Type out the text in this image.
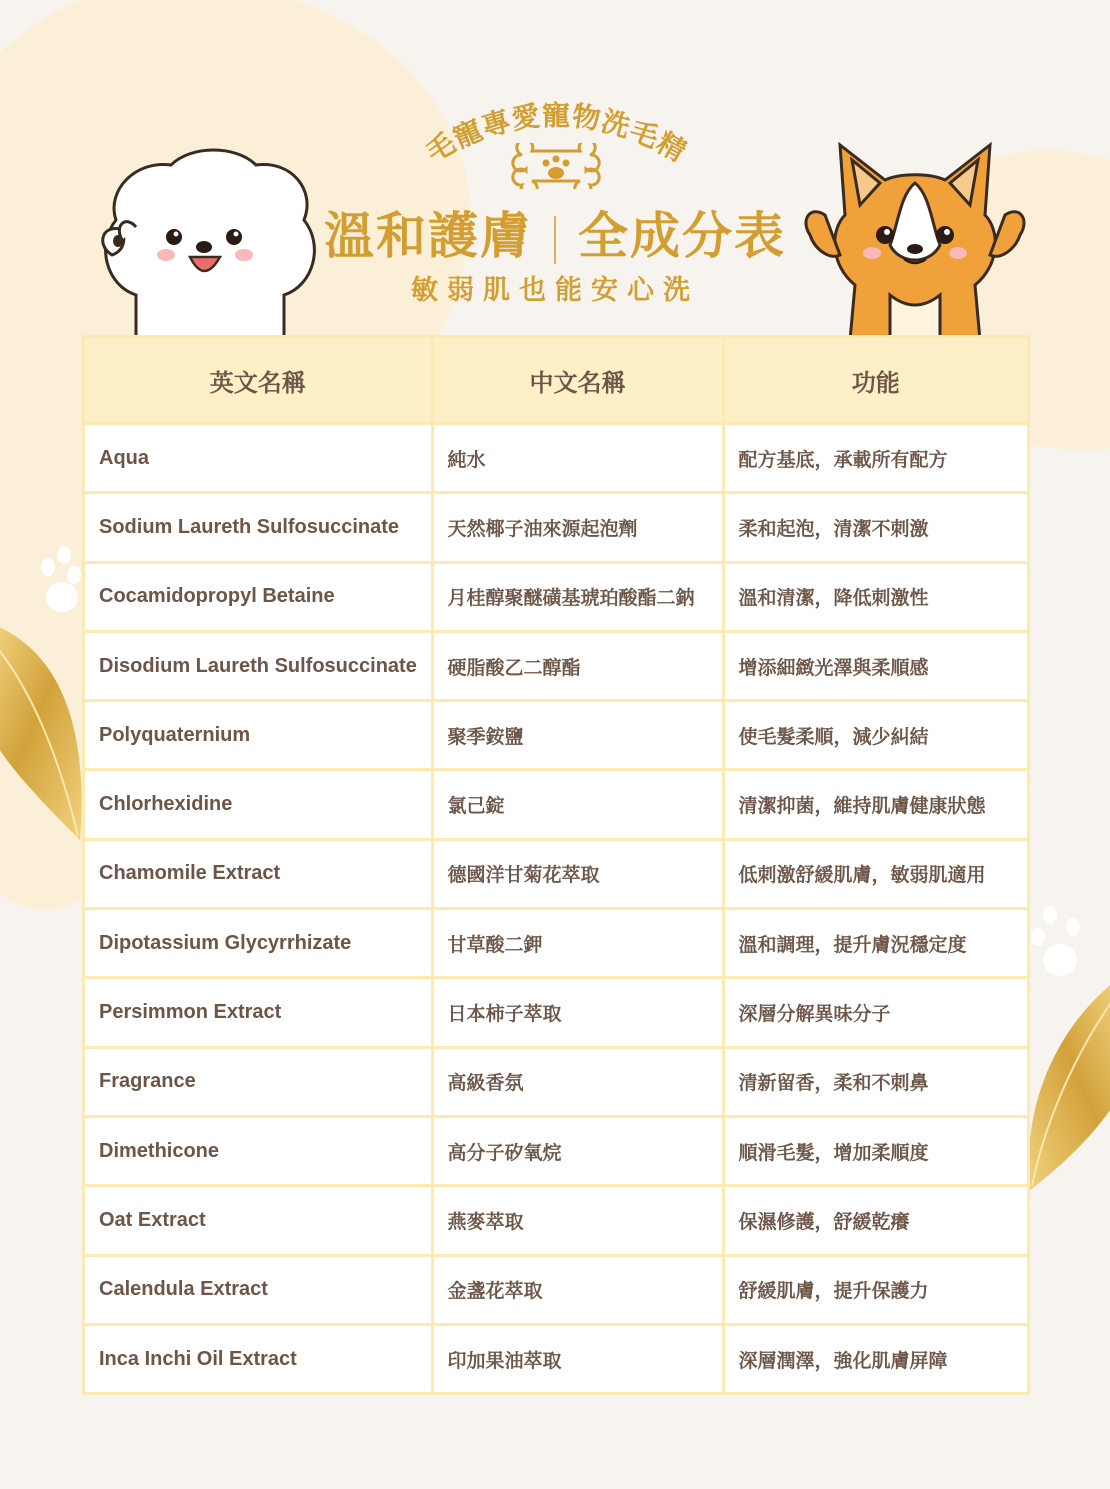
毛寵專愛寵物洗毛精
溫和護膚 全成分表
敏弱肌也能安心洗
英文名稱	中文名稱	功能
Aqua	純水	配方基底，承載所有配方
Sodium Laureth Sulfosuccinate	天然椰子油來源起泡劑	柔和起泡，清潔不刺激
Cocamidopropyl Betaine	月桂醇聚醚磺基琥珀酸酯二鈉	溫和清潔，降低刺激性
Disodium Laureth Sulfosuccinate	硬脂酸乙二醇酯	增添細緻光澤與柔順感
Polyquaternium	聚季銨鹽	使毛髮柔順，減少糾結
Chlorhexidine	氯己錠	清潔抑菌，維持肌膚健康狀態
Chamomile Extract	德國洋甘菊花萃取	低刺激舒緩肌膚，敏弱肌適用
Dipotassium Glycyrrhizate	甘草酸二鉀	溫和調理，提升膚況穩定度
Persimmon Extract	日本柿子萃取	深層分解異味分子
Fragrance	高級香氛	清新留香，柔和不刺鼻
Dimethicone	高分子矽氧烷	順滑毛髮，增加柔順度
Oat Extract	燕麥萃取	保濕修護，舒緩乾癢
Calendula Extract	金盞花萃取	舒緩肌膚，提升保護力
Inca Inchi Oil Extract	印加果油萃取	深層潤澤，強化肌膚屏障
